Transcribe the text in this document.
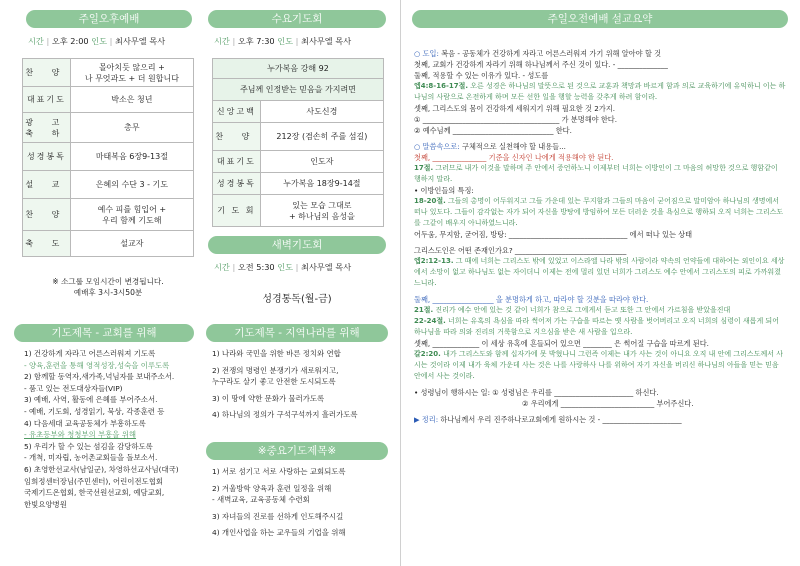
주일오후예배
시간 | 오후 2:00 인도 | 최사무엘 목사
찬 양	몰아치듯 않으리 +
나 무엇과도 + 더 원합니다
대표기도	박소은 청년
광 고
축 하	총무
성경봉독	마태복음 6장9-13절
설 교	은혜의 수단 3 - 기도
찬 양	예수 피를 힘입어 +
우리 함께 기도해
축 도	설교자
※ 소그룹 모임시간이 변경됩니다.
예배후 3시-3시50분
수요기도회
시간 | 오후 7:30 인도 | 최사무엘 목사
누가복음 강해 92	
주님께 인정받는 믿음을 가지려면	
신앙고백	사도신경
찬 양	212장 (겸손히 주를 섬길)
대표기도	인도자
성경봉독	누가복음 18장9-14절
기 도 회	있는 모습 그대로
+ 하나님의 음성을
새벽기도회
시간 | 오전 5:30 인도 | 최사무엘 목사
성경통독(월-금)
기도제목 - 교회를 위해
1) 건강하게 자라고 어른스러워져 기도록
- 양육,훈련을 통해 영적성장,성숙을 이루도록
2) 함께할 동역자,새가족,넉님자를 보내주소서.
- 품고 있는 전도대상자들(VIP)
3) 예배, 사역, 활동에 은혜를 부어주소서.
- 예배, 기도회, 성경읽기, 묵상, 각종훈련 등
4) 다음세대 교육공동체가 부흥하도록
- 유초등부와 청청부의 부흥을 위해
5) 우리가 할 수 있는 섬김을 감당하도록
- 개척, 미자립, 농어촌교회들을 돌보소서.
6) 초영한선교사(남일군), 차영하선교사님(대국)
임희정센터장님(주민센터), 어린이전도협회
국제기드온협회, 한국선원선교회, 예담교회,
한빛요양병원
기도제목 - 지역나라를 위해
1) 나라와 국민을 위한 바른 정치와 연합
2) 전쟁의 명령인 분쟁기가 새로워지고,
누구라도 살기 좋고 안전한 도시되도록
3) 이 땅에 약한 문화가 물러가도록
4) 하나님의 정의가 구석구석까지 흘러가도록
※중요기도제목※
1) 서로 섬기고 서로 사랑하는 교회되도록
2) 겨울방학 양육과 훈련 일정을 위해
- 새벽교육, 교육공동체 수련회
3) 자녀들의 진로를 선하게 인도해주시길
4) 개인사업을 하는 교우들의 기업을 위해
주일오전예배 설교요약
○ 도입: 복음 - 공동체가 건강하게 자라고 어른스러워져 가기 위해 알아야 할 것
첫째, 교회가 건강하게 자라기 위해 하나님께서 주신 것이 있다. - ______________
둘째, 적용할 수 있는 이유가 있다. - 성도를
엡4:8-16-17절. 오른 성경은 하나님의 말뜻으로 된 것으로 교훈과 책망과 바르게 함과 의로 교육하기에 유익하니 이는 하나님의 사람으로 온전하게 하며 모든 선한 일을 행할 능력을 갖추게 하려 함이라.
셋째, 그리스도의 몸이 건강하게 세워지기 위해 필요한 것 2가지.
① ______________________________________ 가 분명해야 한다.
② 예수님께 ____________________________ 한다.
○ 말씀속으로: 구체적으로 실천해야 할 내용들...
첫째, _______________ 기준을 신자인 나에게 적용해야 한 된다.
17절. 그러므로 내가 이것을 말하며 주 안에서 증언하노니 이제부터 너희는 이방인이 그 마음의 허망한 것으로 행함같이 행하지 말라.
• 이방인들의 특징:
18-20절. 그들의 총명이 어두워지고 그들 가운데 있는 무지함과 그들의 마음이 굳어짐으로 말미암아 하나님의 생명에서 떠나 있도다. 그들이 감각없는 자가 되어 자신을 방탕에 방임하여 모든 더러운 것을 욕심으로 행하되 오직 너희는 그리스도를 그같이 배우지 아니하였느니라.
어두움, 무지함, 굳어짐, 방탕: _________________________________ 에서 떠나 있는 상태
그리스도인은 어떤 존재인가요? _______________________________
엡2:12-13. 그 때에 너희는 그리스도 밖에 있었고 이스라엘 나라 밖의 사람이라 약속의 언약들에 대하여는 외인이요 세상에서 소망이 없고 하나님도 없는 자이더니 이제는 전에 멀리 있던 너희가 그리스도 예수 안에서 그리스도의 피로 가까워졌느니라.
둘째, _________________ 을 분명하게 하고, 따라야 할 것분을 따라야 한다.
21절. 진리가 예수 안에 있는 것 같이 너희가 참으로 그에게서 듣고 또한 그 안에서 가르침을 받았을진대
22-24절. 너희는 유혹의 욕심을 따라 썩어져 가는 구습을 따르는 옛 사람을 벗어버리고 오직 너희의 심령이 새롭게 되어 하나님을 따라 의와 진리의 거룩함으로 지으심을 받은 새 사람을 입으라.
셋째, _____________ 이 세상 유혹에 흔들되어 있으면 ________ 은 썩어질 구습을 따르게 된다.
갈2:20. 내가 그리스도와 함께 십자가에 못 박혔나니 그런즉 이제는 내가 사는 것이 아니요 오직 내 안에 그리스도께서 사시는 것이라 이제 내가 육체 가운데 사는 것은 나를 사랑하사 나를 위하여 자기 자신을 버리신 하나님의 아들을 믿는 믿음 안에서 사는 것이라.
• 성령님이 행하시는 일: ① 성령님은 우리를 ______________________ 하신다.
② 우리에게 __________________________ 부어주신다.
▶ 정리: 하나님께서 우리 진주하나로교회에게 원하시는 것 - ______________________
